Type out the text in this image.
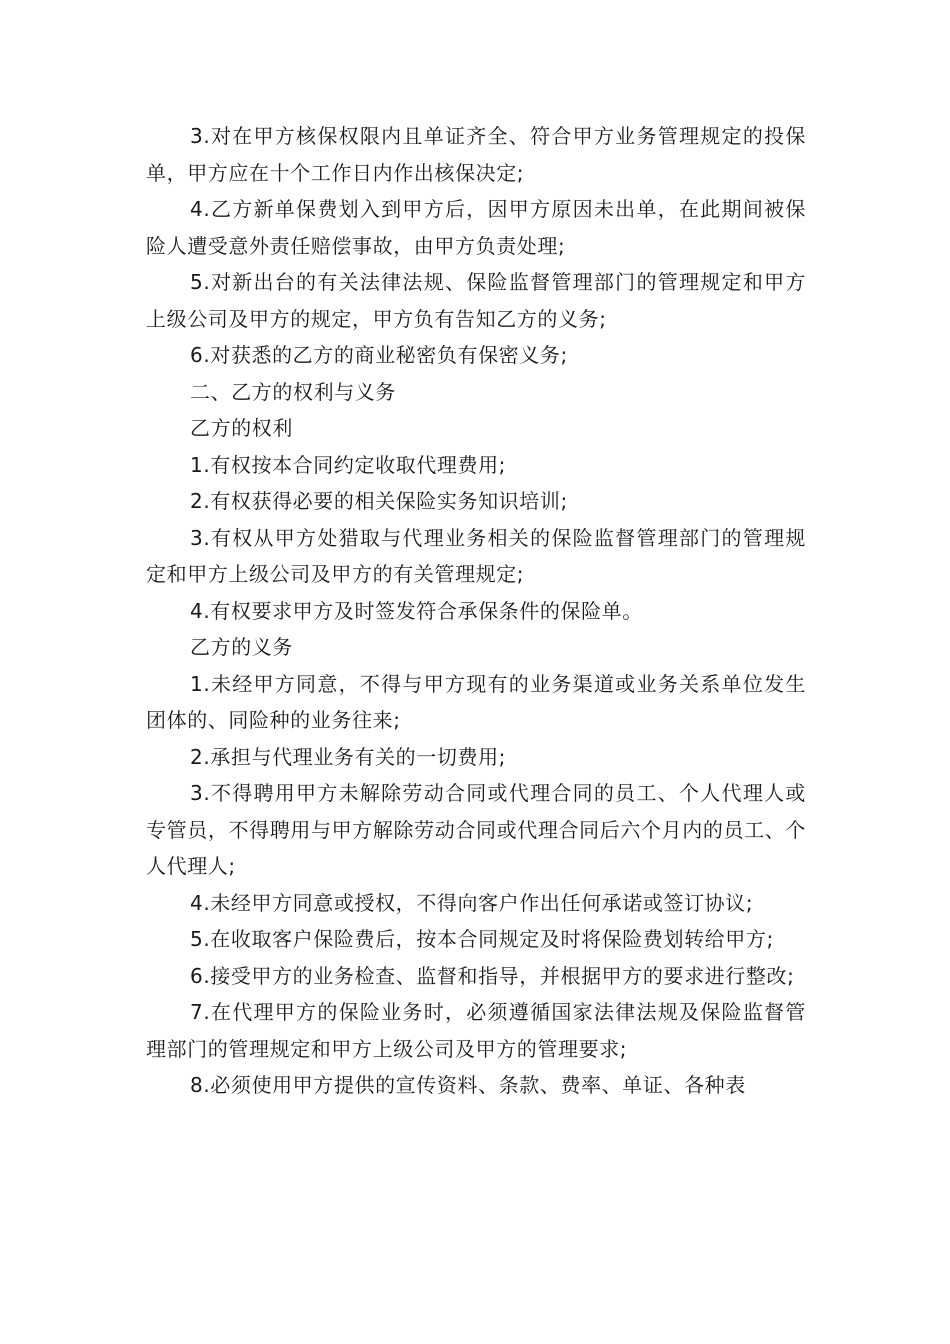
3.对在甲方核保权限内且单证齐全、符合甲方业务管理规定的投保单，甲方应在十个工作日内作出核保决定;

4.乙方新单保费划入到甲方后，因甲方原因未出单，在此期间被保险人遭受意外责任赔偿事故，由甲方负责处理;

5.对新出台的有关法律法规、保险监督管理部门的管理规定和甲方上级公司及甲方的规定，甲方负有告知乙方的义务;

6.对获悉的乙方的商业秘密负有保密义务;

二、乙方的权利与义务

乙方的权利

1.有权按本合同约定收取代理费用;

2.有权获得必要的相关保险实务知识培训;

3.有权从甲方处猎取与代理业务相关的保险监督管理部门的管理规定和甲方上级公司及甲方的有关管理规定;

4.有权要求甲方及时签发符合承保条件的保险单。

乙方的义务

1.未经甲方同意，不得与甲方现有的业务渠道或业务关系单位发生团体的、同险种的业务往来;

2.承担与代理业务有关的一切费用;

3.不得聘用甲方未解除劳动合同或代理合同的员工、个人代理人或专管员，不得聘用与甲方解除劳动合同或代理合同后六个月内的员工、个人代理人;

4.未经甲方同意或授权，不得向客户作出任何承诺或签订协议;

5.在收取客户保险费后，按本合同规定及时将保险费划转给甲方;

6.接受甲方的业务检查、监督和指导，并根据甲方的要求进行整改;

7.在代理甲方的保险业务时，必须遵循国家法律法规及保险监督管理部门的管理规定和甲方上级公司及甲方的管理要求;

8.必须使用甲方提供的宣传资料、条款、费率、单证、各种表
